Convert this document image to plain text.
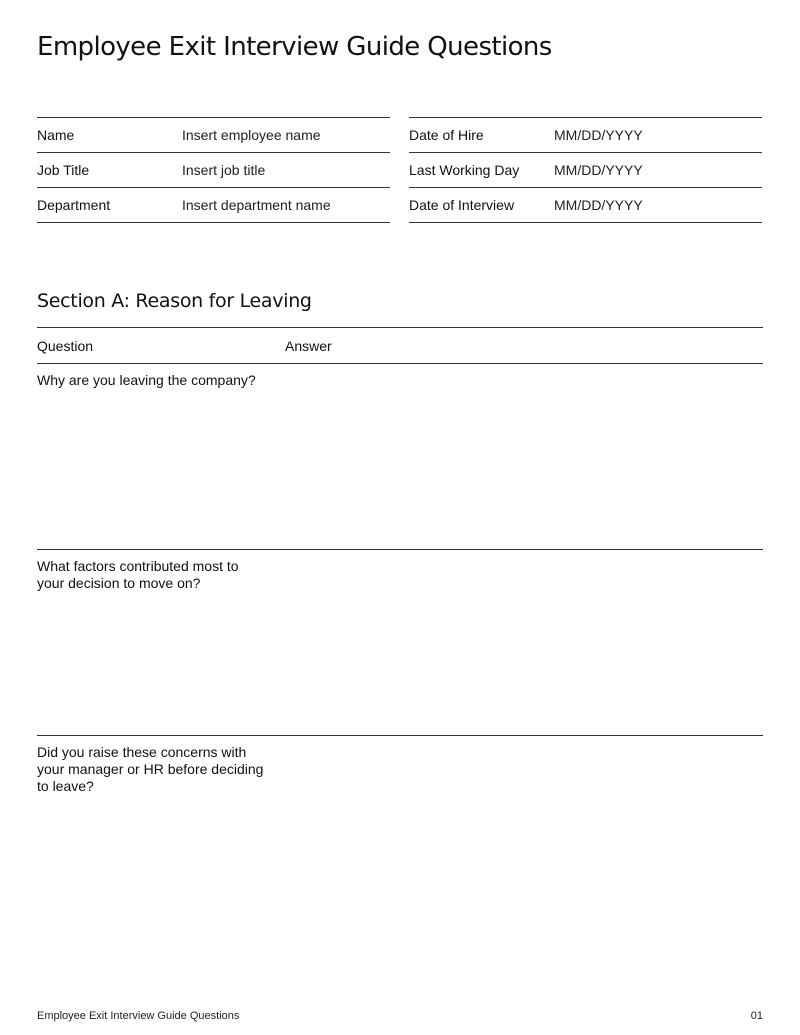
Employee Exit Interview Guide Questions
Name	Insert employee name
Job Title	Insert job title
Department	Insert department name
Date of Hire	MM/DD/YYYY
Last Working Day MM/DD/YYYY
Date of Interview	MM/DD/YYYY
Section A: Reason for Leaving
Question	Answer
Why are you leaving the company?
What factors contributed most to your decision to move on?
Did you raise these concerns with your manager or HR before deciding to leave?
Employee Exit Interview Guide Questions	01
